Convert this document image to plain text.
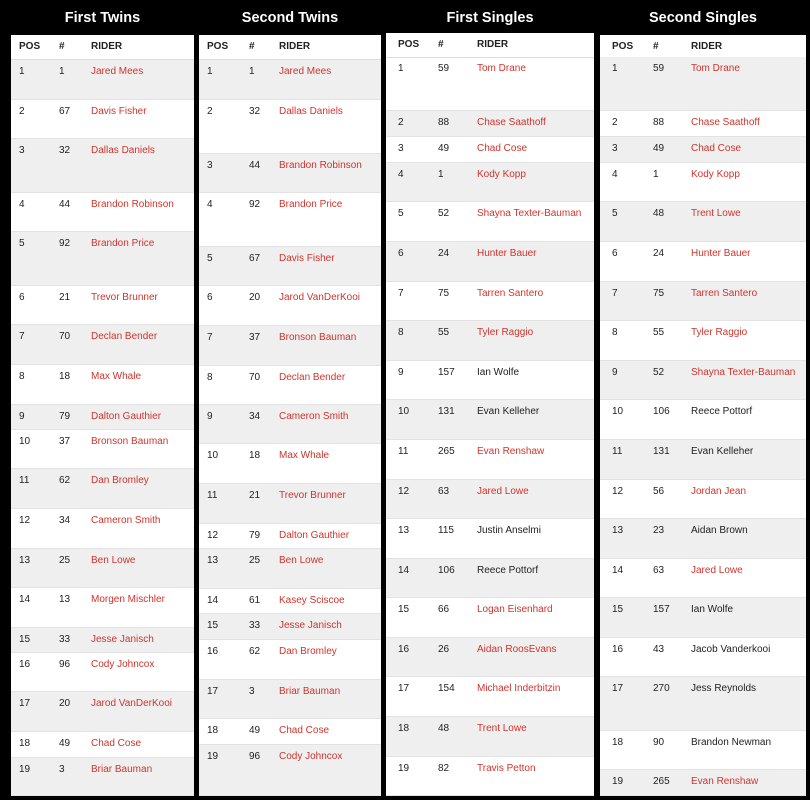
First Twins
POS #	RIDER
1	1	Jared Mees
2	67 Davis Fisher
3	32 Dallas Daniels
4	44 Brandon Robinson
5	92 Brandon Price
6	21 Trevor Brunner
7	70 Declan Bender
8	18 Max Whale
9	79 Dalton Gauthier
10	37 Bronson Bauman
11	62 Dan Bromley
12	34 Cameron Smith
13	25 Ben Lowe
14	13 Morgen Mischler
15	33 Jesse Janisch
16	96 Cody Johncox
17	20 Jarod VanDerKooi
18	49 Chad Cose
19	3	Briar Bauman
Second Twins
POS # RIDER
1	1 Jared Mees
2	32 Dallas Daniels
3	44 Brandon Robinson
4	92 Brandon Price
5	67 Davis Fisher
6	20 Jarod VanDerKooi
7	37 Bronson Bauman
8	70 Declan Bender
9	34 Cameron Smith
10	18 Max Whale
11	21 Trevor Brunner
12	79 Dalton Gauthier
13	25 Ben Lowe
14	61 Kasey Sciscoe
15	33 Jesse Janisch
16	62 Dan Bromley
17	3 Briar Bauman
18	49 Chad Cose
19	96 Cody Johncox
First Singles
POS #	RIDER
1	59	Tom Drane
2	88	Chase Saathoff
3	49	Chad Cose
4	1	Kody Kopp
5	52	Shayna Texter-Bauman
6	24	Hunter Bauer
7	75	Tarren Santero
8	55	Tyler Raggio
9	157 Ian Wolfe
10	131 Evan Kelleher
11	265 Evan Renshaw
12	63	Jared Lowe
13	115 Justin Anselmi
14	106 Reece Pottorf
15	66	Logan Eisenhard
16	26	Aidan RoosEvans
17	154 Michael Inderbitzin
18	48	Trent Lowe
19	82	Travis Petton
Second Singles
POS #	RIDER
1	59	Tom Drane
2	88	Chase Saathoff
3	49	Chad Cose
4	1	Kody Kopp
5	48	Trent Lowe
6	24	Hunter Bauer
7	75	Tarren Santero
8	55	Tyler Raggio
9	52	Shayna Texter-Bauman
10	106 Reece Pottorf
11	131 Evan Kelleher
12	56	Jordan Jean
13	23	Aidan Brown
14	63	Jared Lowe
15	157 Ian Wolfe
16	43	Jacob Vanderkooi
17	270 Jess Reynolds
18	90	Brandon Newman
19	265 Evan Renshaw
